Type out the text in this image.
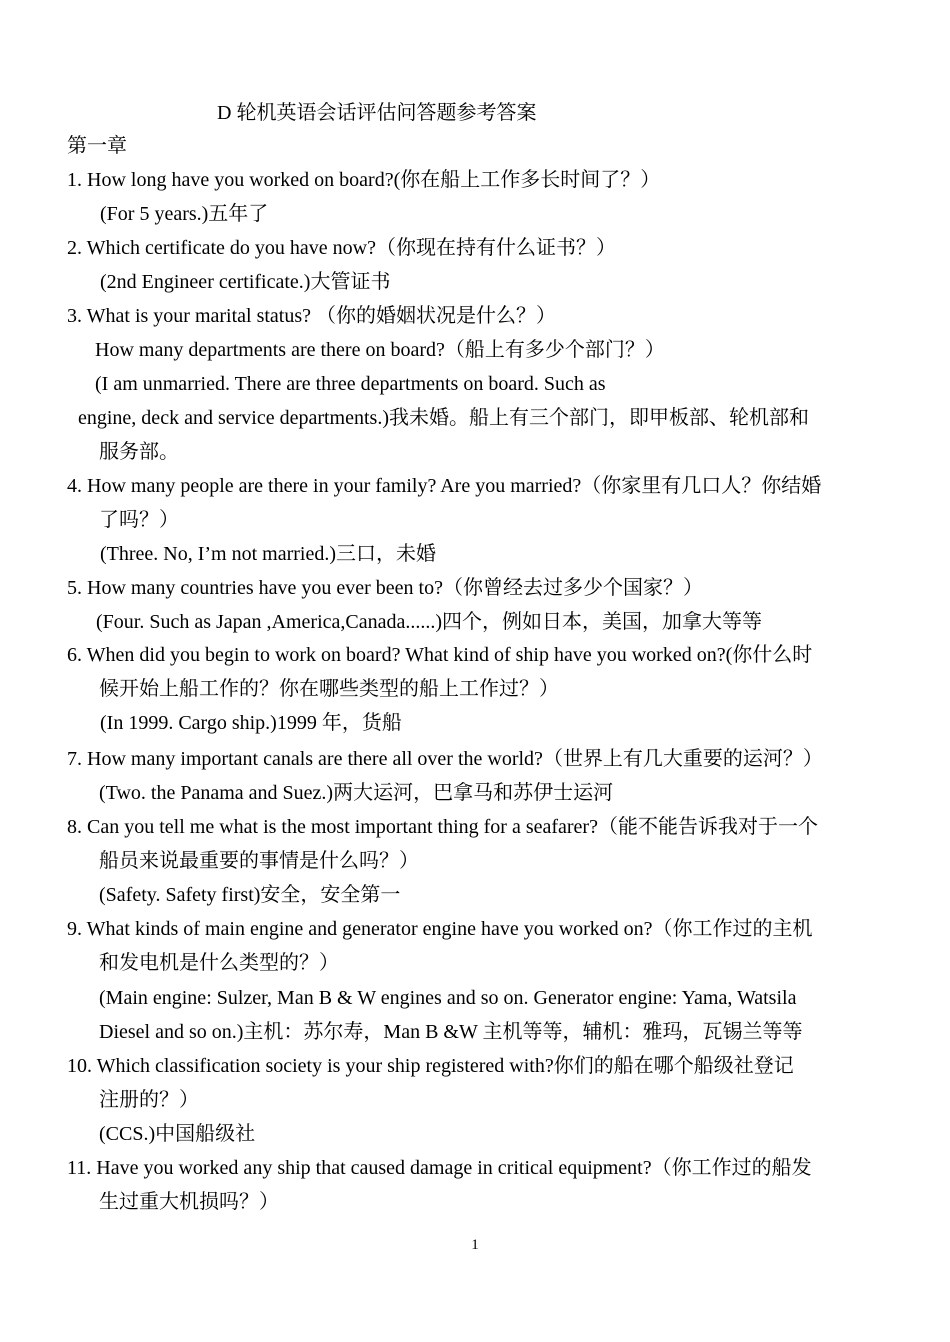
D 轮机英语会话评估问答题参考答案
第一章
1. How long have you worked on board?(你在船上工作多长时间了？）
(For 5 years.)五年了
2. Which certificate do you have now?（你现在持有什么证书？）
(2nd Engineer certificate.)大管证书
3. What is your marital status? （你的婚姻状况是什么？）
How many departments are there on board?（船上有多少个部门？）
(I am unmarried. There are three departments on board. Such as
engine, deck and service departments.)我未婚。船上有三个部门，即甲板部、轮机部和
服务部。
4. How many people are there in your family? Are you married?（你家里有几口人？你结婚
了吗？）
(Three. No, I’m not married.)三口，未婚
5. How many countries have you ever been to?（你曾经去过多少个国家？）
(Four. Such as Japan ,America,Canada......)四个，例如日本，美国，加拿大等等
6. When did you begin to work on board? What kind of ship have you worked on?(你什么时
候开始上船工作的？你在哪些类型的船上工作过？）
(In 1999. Cargo ship.)1999 年，货船
7. How many important canals are there all over the world?（世界上有几大重要的运河？）
(Two. the Panama and Suez.)两大运河，巴拿马和苏伊士运河
8. Can you tell me what is the most important thing for a seafarer?（能不能告诉我对于一个
船员来说最重要的事情是什么吗？）
(Safety. Safety first)安全，安全第一
9. What kinds of main engine and generator engine have you worked on?（你工作过的主机
和发电机是什么类型的？）
(Main engine: Sulzer, Man B & W engines and so on. Generator engine: Yama, Watsila
Diesel and so on.)主机：苏尔寿，Man B &W 主机等等，辅机：雅玛，瓦锡兰等等
10. Which classification society is your ship registered with?你们的船在哪个船级社登记
注册的？）
(CCS.)中国船级社
11. Have you worked any ship that caused damage in critical equipment?（你工作过的船发
生过重大机损吗？）
1
